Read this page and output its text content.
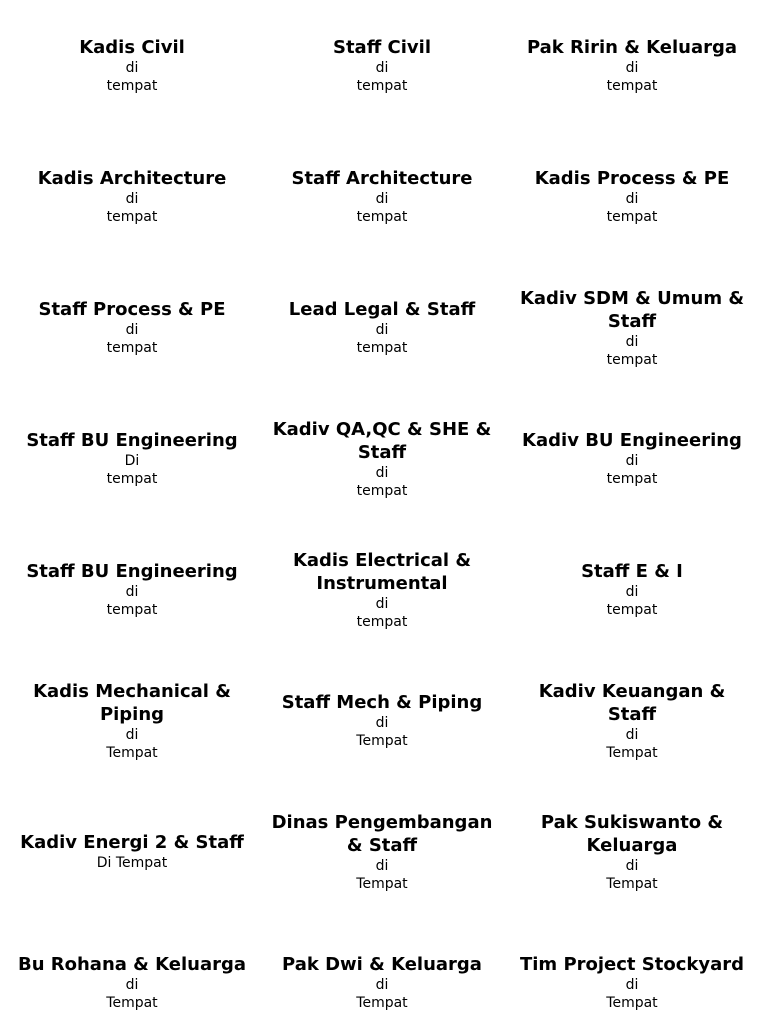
Kadis Civil
di
tempat
Staff Civil
di
tempat
Pak Ririn & Keluarga
di
tempat
Kadis Architecture
di
tempat
Staff Architecture
di
tempat
Kadis Process & PE
di
tempat
Staff Process & PE
di
tempat
Lead Legal & Staff
di
tempat
Kadiv SDM & Umum & Staff
di
tempat
Staff BU Engineering
Di
tempat
Kadiv QA,QC & SHE & Staff
di
tempat
Kadiv BU Engineering
di
tempat
Staff BU Engineering
di
tempat
Kadis Electrical & Instrumental
di
tempat
Staff E & I
di
tempat
Kadis Mechanical & Piping
di
Tempat
Staff Mech & Piping
di
Tempat
Kadiv Keuangan & Staff
di
Tempat
Kadiv Energi 2 & Staff
Di Tempat
Dinas Pengembangan & Staff
di
Tempat
Pak Sukiswanto & Keluarga
di
Tempat
Bu Rohana & Keluarga
di
Tempat
Pak Dwi & Keluarga
di
Tempat
Tim Project Stockyard
di
Tempat
